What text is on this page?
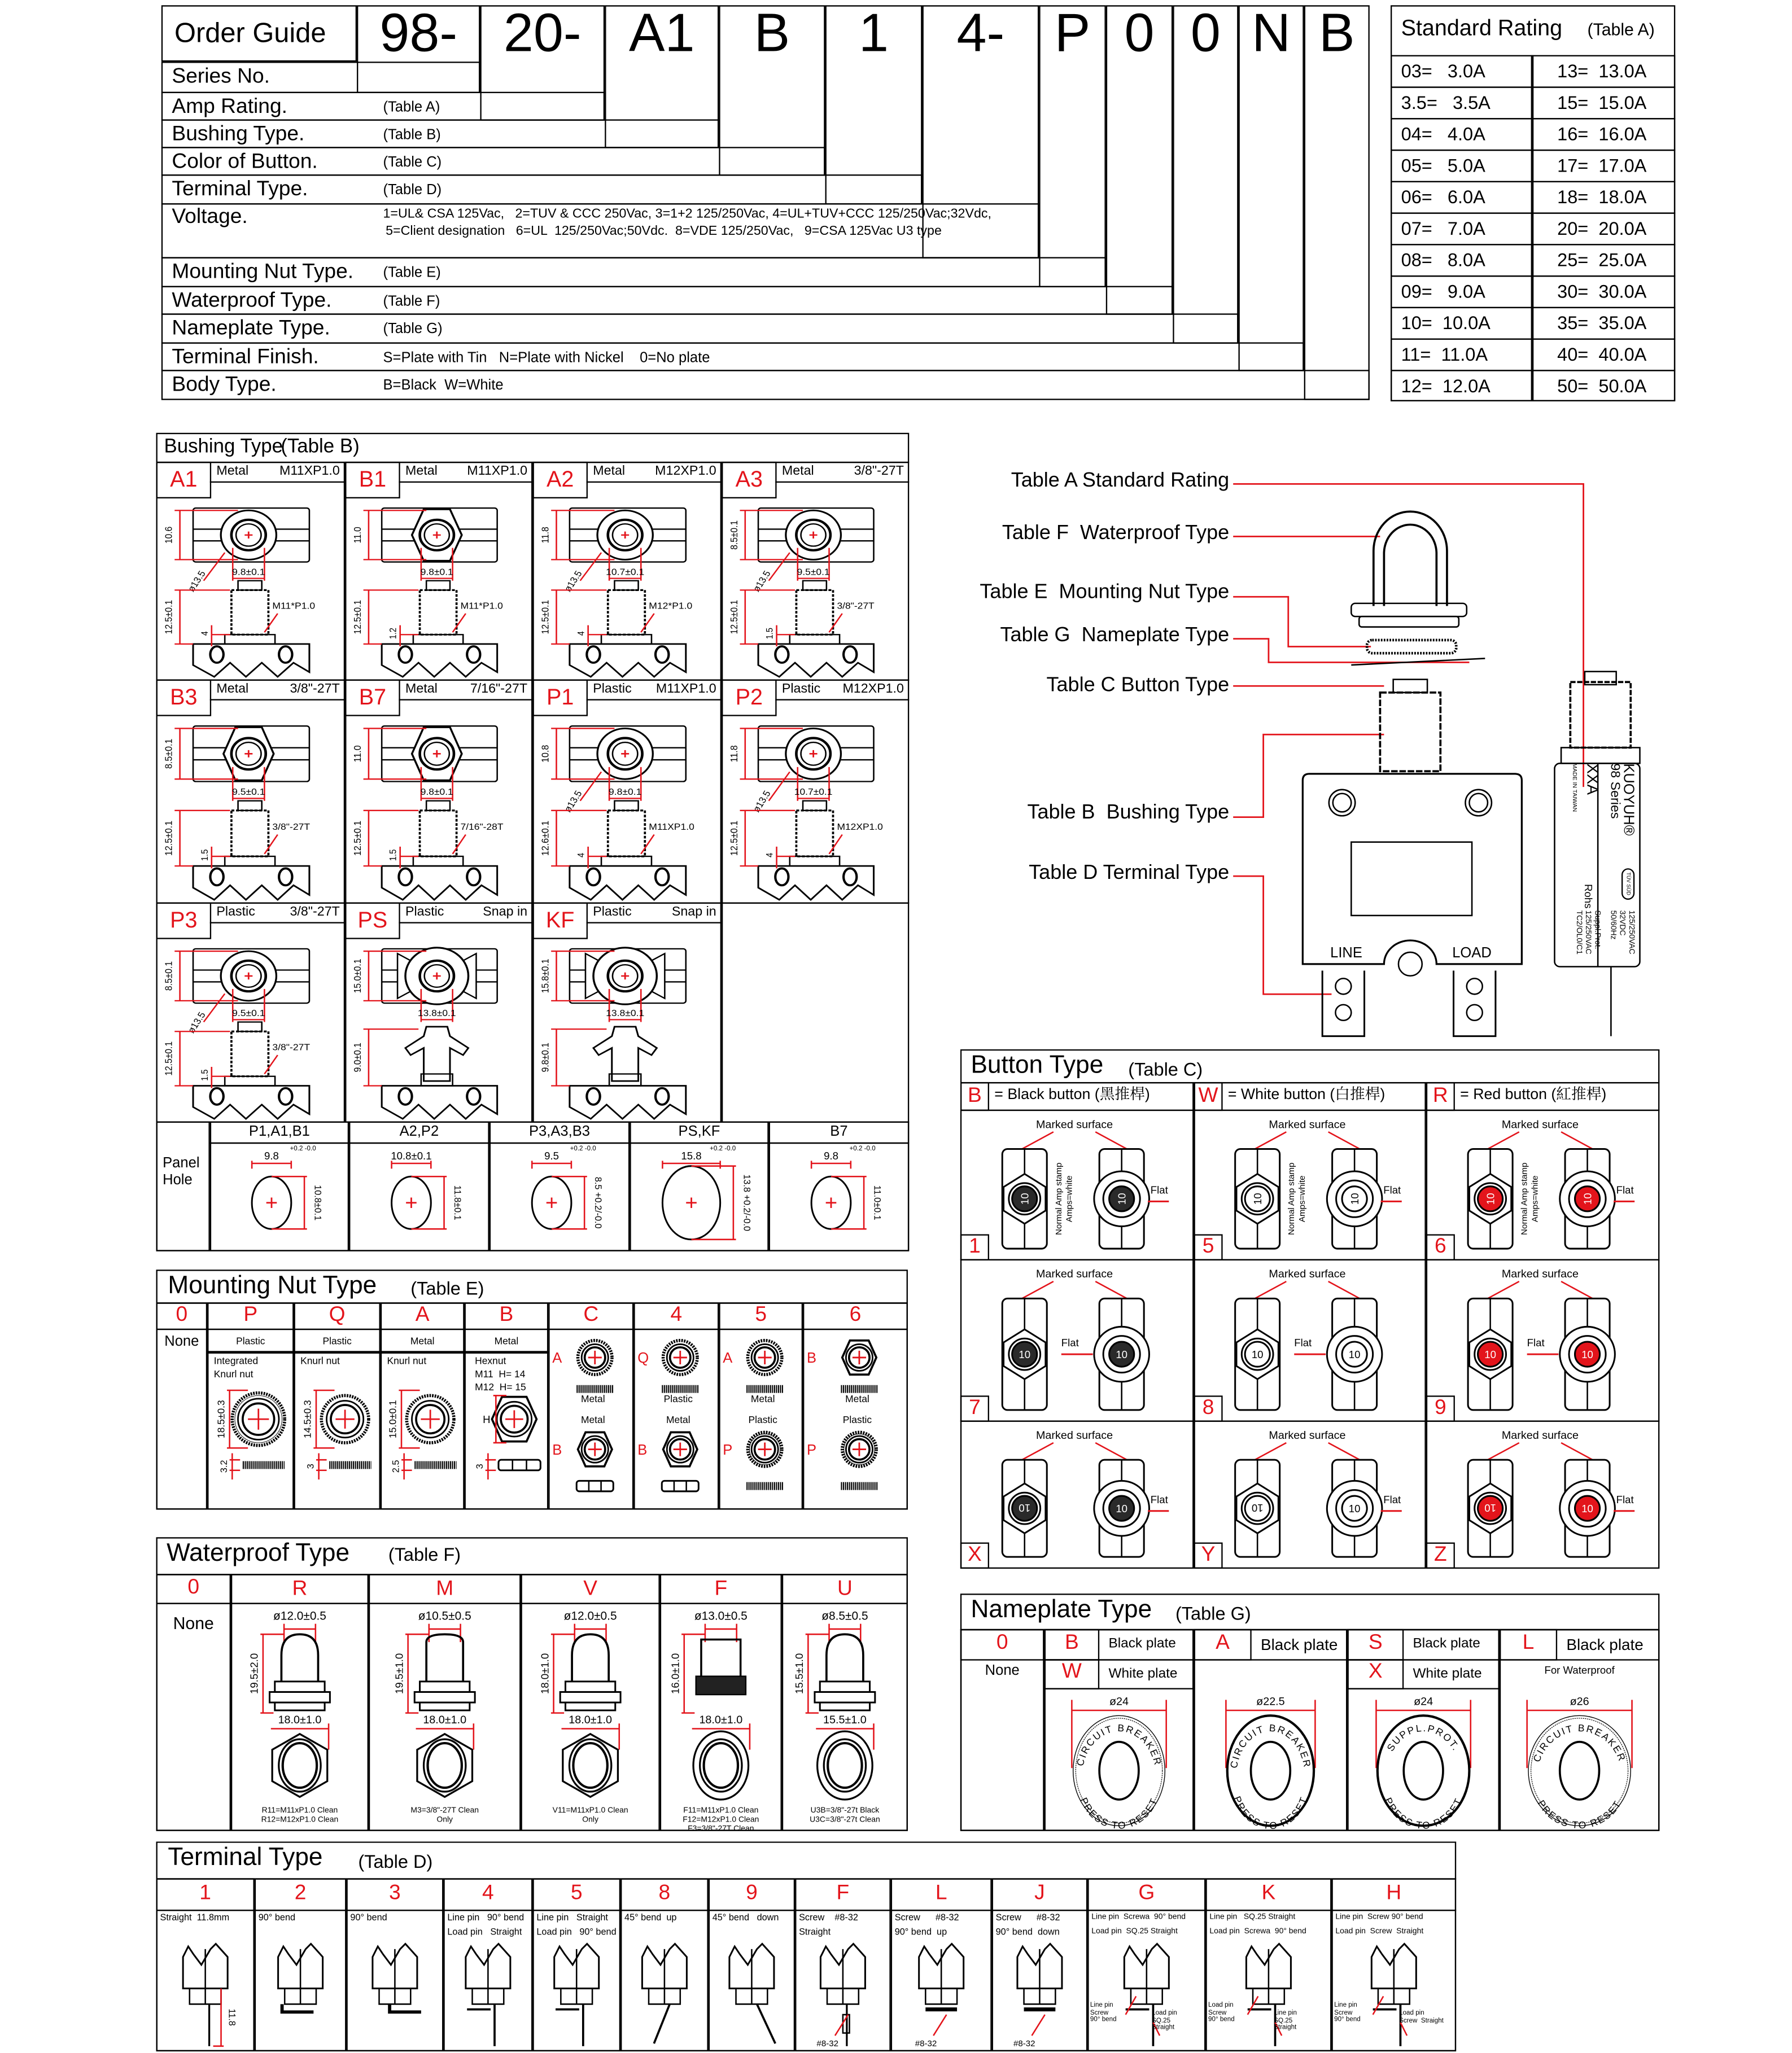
Series No.
Amp Rating.	(Table A)
Bushing Type.	(Table B)
Color of Button.	(Table C)
Terminal Type.	(Table D)
Voltage.	1=UL& CSA 125Vac,   2=TUV & CCC 250Vac, 3=1+2 125/250Vac, 4=UL+TUV+CCC 125/250Vac;32Vdc,
5=Client designation   6=UL  125/250Vac;50Vdc.  8=VDE 125/250Vac,   9=CSA 125Vac U3 type
Mounting Nut Type.	(Table E)
Waterproof Type.	(Table F)
Nameplate Type.	(Table G)
Terminal Finish.	S=Plate with Tin   N=Plate with Nickel    0=No plate
Body Type.	B=Black  W=White
98-	20-	A1	B	1	4-	P	0	0	N	B
Order Guide	Standard Rating	(Table A)
03=   3.0A	13=  13.0A
3.5=   3.5A	15=  15.0A
04=   4.0A	16=  16.0A
05=   5.0A	17=  17.0A
06=   6.0A	18=  18.0A
07=   7.0A	20=  20.0A
08=   8.0A	25=  25.0A
09=   9.0A	30=  30.0A
10=  10.0A	35=  35.0A
11=  11.0A	40=  40.0A
12=  12.0A	50=  50.0A
Table A Standard Rating
Table F  Waterproof Type
Table E  Mounting Nut Type
Table G  Nameplate Type
Table C Button Type
Table B  Bushing Type
Table D Terminal Type
LINE	LOAD
KUOYUH®
98 Series
XXA
MADE IN TAIWAN
TÜV SÜD
Rohs
125/250VAC
32VDC
50/60Hz
Suppl.Prot.
125/250VAC
TC2/OL0/C1
Bushing Type
(Table B)
A1	Metal	M11XP1.0
10.6
9.8±0.1
ø13.5
12.5±0.1	4
M11*P1.0
B1	Metal	M11XP1.0
11.0
9.8±0.1
12.5±0.1	1.2
M11*P1.0
A2	Metal	M12XP1.0
11.8
10.7±0.1
ø13.5
12.5±0.1	4
M12*P1.0
A3	Metal	3/8"-27T
8.5±0.1
9.5±0.1
ø13.5
12.5±0.1	1.5
3/8"-27T
B3	Metal	3/8"-27T
8.5±0.1
9.5±0.1
12.5±0.1	1.5
3/8"-27T
B7	Metal	7/16"-27T
11.0
9.8±0.1
12.5±0.1	1.5
7/16"-28T
P1	Plastic	M11XP1.0
10.8
9.8±0.1
ø13.5
12.6±0.1	4
M11XP1.0
P2	Plastic	M12XP1.0
11.8
10.7±0.1
ø13.5
12.5±0.1	4
M12XP1.0
P3	Plastic	3/8"-27T
8.5±0.1
9.5±0.1
ø13.5
12.5±0.1	1.5
3/8"-27T
PS	Plastic	Snap in
15.0±0.1
13.8±0.1
9.0±0.1
KF	Plastic	Snap in
15.8±0.1
13.8±0.1
9.8±0.1
Panel
Hole
P1,A1,B1
9.8
+0.2 -0.0
10.8±0.1
A2,P2
10.8±0.1
11.8±0.1
P3,A3,B3
9.5
+0.2 -0.0
8.5 +0.2/-0.0
PS,KF
15.8
+0.2 -0.0
13.8 +0.2/-0.0
B7
9.8
+0.2 -0.0
11.0±0.1
Mounting Nut Type	(Table E)
0
None
P
Plastic
Integrated
Knurl nut
18.5±0.3
3.2
Q
Plastic
Knurl nut
14.5±0.3
3
A
Metal
Knurl nut
15.0±0.1
2.5
B
Metal
Hexnut
M11  H= 14
M12  H= 15
H
3
C
A
B
Metal
Metal
4
Q
B
Plastic
Metal
5
A
P
Metal
Plastic
6
B
P
Metal
Plastic
Waterproof Type	(Table F)
0
None
R
ø12.0±0.5
19.5±2.0
18.0±1.0
R11=M11xP1.0 Clean
R12=M12xP1.0 Clean
M
ø10.5±0.5
19.5±1.0
18.0±1.0
M3=3/8"-27T Clean
Only
V
ø12.0±0.5
18.0±1.0
18.0±1.0
V11=M11xP1.0 Clean
Only
F
ø13.0±0.5
16.0±1.0
18.0±1.0
F11=M11xP1.0 Clean
F12=M12xP1.0 Clean
F3=3/8"-27T Clean
U
ø8.5±0.5
15.5±1.0
15.5±1.0
U3B=3/8"-27t Black
U3C=3/8"-27t Clean
Terminal Type	(Table D)
1
Straight  11.8mm
11.8
2
90° bend
3
90° bend
4
Line pin   90° bend
Load pin   Straight
5
Line pin   Straight
Load pin   90° bend
8
45° bend  up
9
45° bend   down
F
Screw    #8-32
Straight
#8-32
L
Screw      #8-32
90° bend  up
#8-32
J
Screw      #8-32
90° bend  down
#8-32
G
Line pin  Screwa  90° bend
Load pin  SQ.25 Straight
Line pin
Screw
90° bend
Load pin
SQ.25
Straight
K
Line pin   SQ.25 Straight
Load pin  Screwa  90° bend
Load pin
Screw
90° bend
Line pin
SQ.25
Straight
H
Line pin  Screw 90° bend
Load pin  Screw  Straight
Line pin
Screw
90° bend
Load pin
Screw  Straight
Button Type	(Table C)
B	= Black button (黑推桿)	W	= White button (白推桿)	R	= Red button (紅推桿)
1
Marked surface
10	10
Flat
Normal Amp stamp Amps=white
5
Marked surface
10	10
Flat
Normal Amp stamp Amps=white
6
Marked surface
10	10
Flat
Normal Amp stamp Amps=white
7
Marked surface
10	10
Flat
8
Marked surface
10	10
Flat
9
Marked surface
10	10
Flat
X
Marked surface
10	10
Flat
Y
Marked surface
10	10
Flat
Z
Marked surface
10	10
Flat
Nameplate Type	(Table G)
0
None
B	Black plate	A	Black plate	S	Black plate	L	Black plate
W	White plate	X	White plate	For Waterproof
ø24
CIRCUIT BREAKER
PRESS TO RESET
ø22.5
CIRCUIT BREAKER
PRESS TO RESET
ø24
SUPPL.PROT.
PRESS TO RESET
ø26
CIRCUIT BREAKER
PRESS TO RESET
